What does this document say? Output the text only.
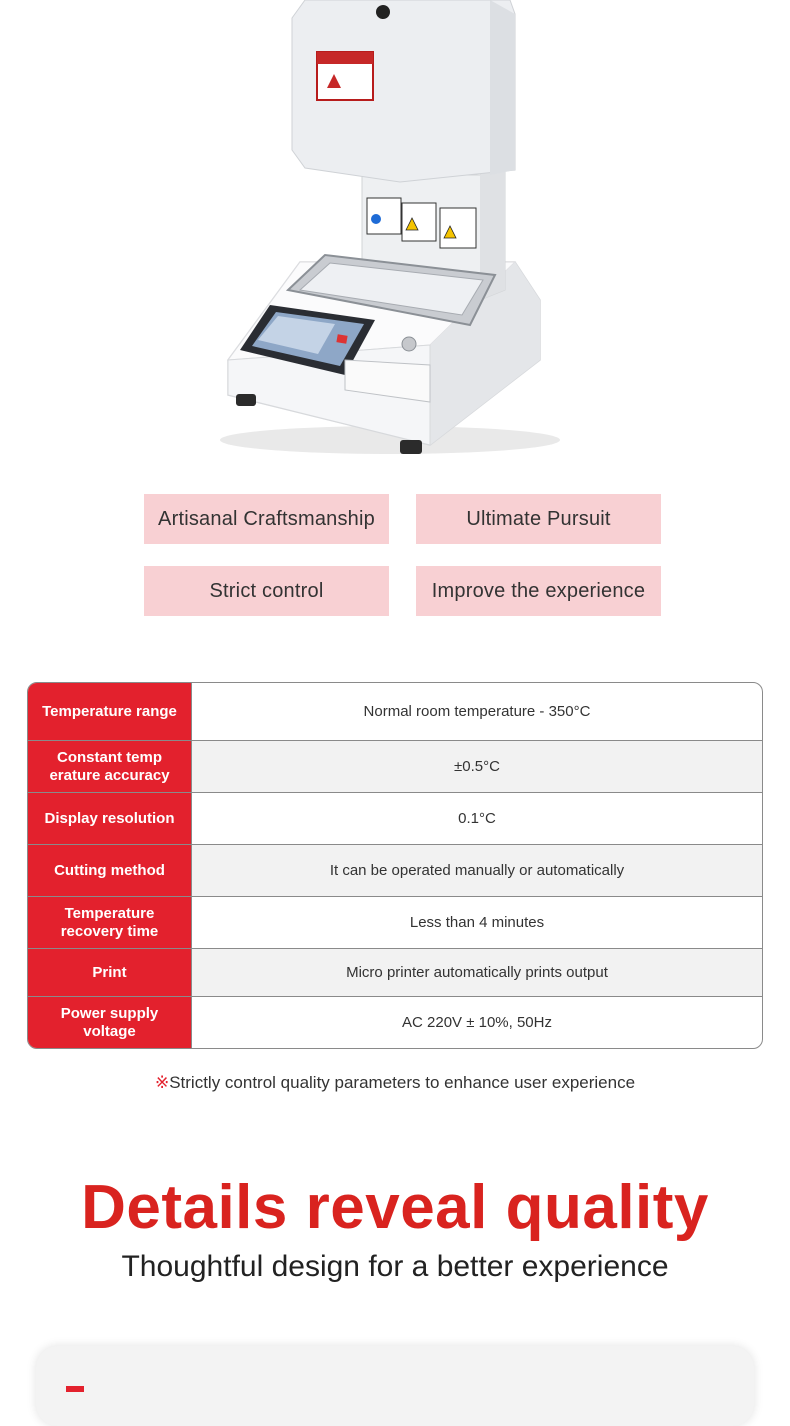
Artisanal Craftsmanship	Ultimate Pursuit
Strict control	Improve the experience
Temperature range	Normal room temperature - 350°C
Constant temp erature accuracy	±0.5°C
Display resolution	0.1°C
Cutting method	It can be operated manually or automatically
Temperature recovery time	Less than 4 minutes
Print	Micro printer automatically prints output
Power supply voltage	AC 220V ± 10%, 50Hz
※Strictly control quality parameters to enhance user experience
Details reveal quality
Thoughtful design for a better experience
